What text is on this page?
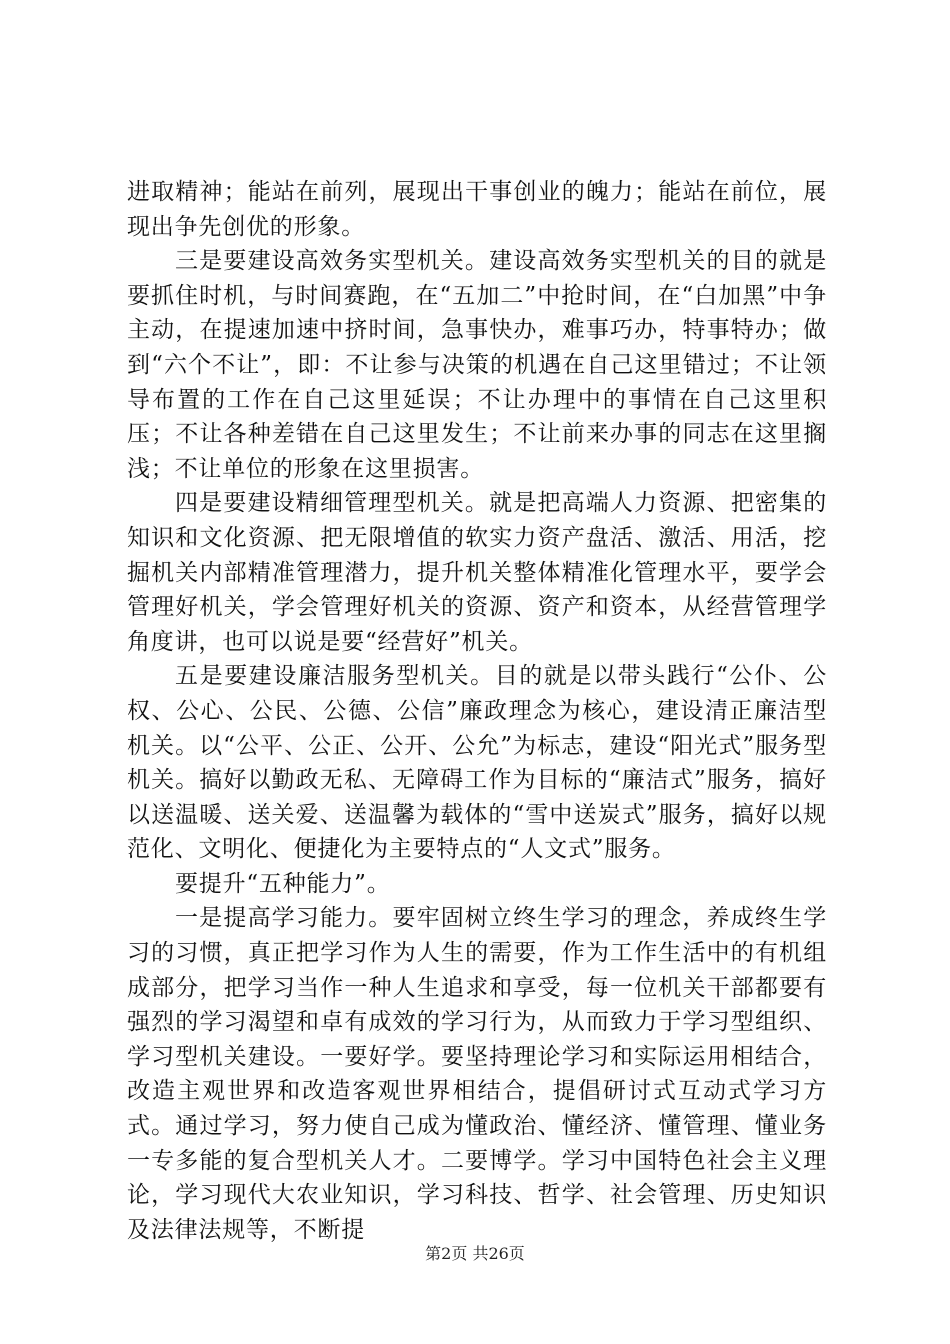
进取精神；能站在前列，展现出干事创业的魄力；能站在前位，展现出争先创优的形象。

三是要建设高效务实型机关。建设高效务实型机关的目的就是要抓住时机，与时间赛跑，在“五加二”中抢时间，在“白加黑”中争主动，在提速加速中挤时间，急事快办，难事巧办，特事特办；做到“六个不让”，即：不让参与决策的机遇在自己这里错过；不让领导布置的工作在自己这里延误；不让办理中的事情在自己这里积压；不让各种差错在自己这里发生；不让前来办事的同志在这里搁浅；不让单位的形象在这里损害。

四是要建设精细管理型机关。就是把高端人力资源、把密集的知识和文化资源、把无限增值的软实力资产盘活、激活、用活，挖掘机关内部精准管理潜力，提升机关整体精准化管理水平，要学会管理好机关，学会管理好机关的资源、资产和资本，从经营管理学角度讲，也可以说是要“经营好”机关。

五是要建设廉洁服务型机关。目的就是以带头践行“公仆、公权、公心、公民、公德、公信”廉政理念为核心，建设清正廉洁型机关。以“公平、公正、公开、公允”为标志，建设“阳光式”服务型机关。搞好以勤政无私、无障碍工作为目标的“廉洁式”服务，搞好以送温暖、送关爱、送温馨为载体的“雪中送炭式”服务，搞好以规范化、文明化、便捷化为主要特点的“人文式”服务。

要提升“五种能力”。

一是提高学习能力。要牢固树立终生学习的理念，养成终生学习的习惯，真正把学习作为人生的需要，作为工作生活中的有机组成部分，把学习当作一种人生追求和享受，每一位机关干部都要有强烈的学习渴望和卓有成效的学习行为，从而致力于学习型组织、学习型机关建设。一要好学。要坚持理论学习和实际运用相结合，改造主观世界和改造客观世界相结合，提倡研讨式互动式学习方式。通过学习，努力使自己成为懂政治、懂经济、懂管理、懂业务一专多能的复合型机关人才。二要博学。学习中国特色社会主义理论，学习现代大农业知识，学习科技、哲学、社会管理、历史知识及法律法规等，不断提

第2页 共26页
